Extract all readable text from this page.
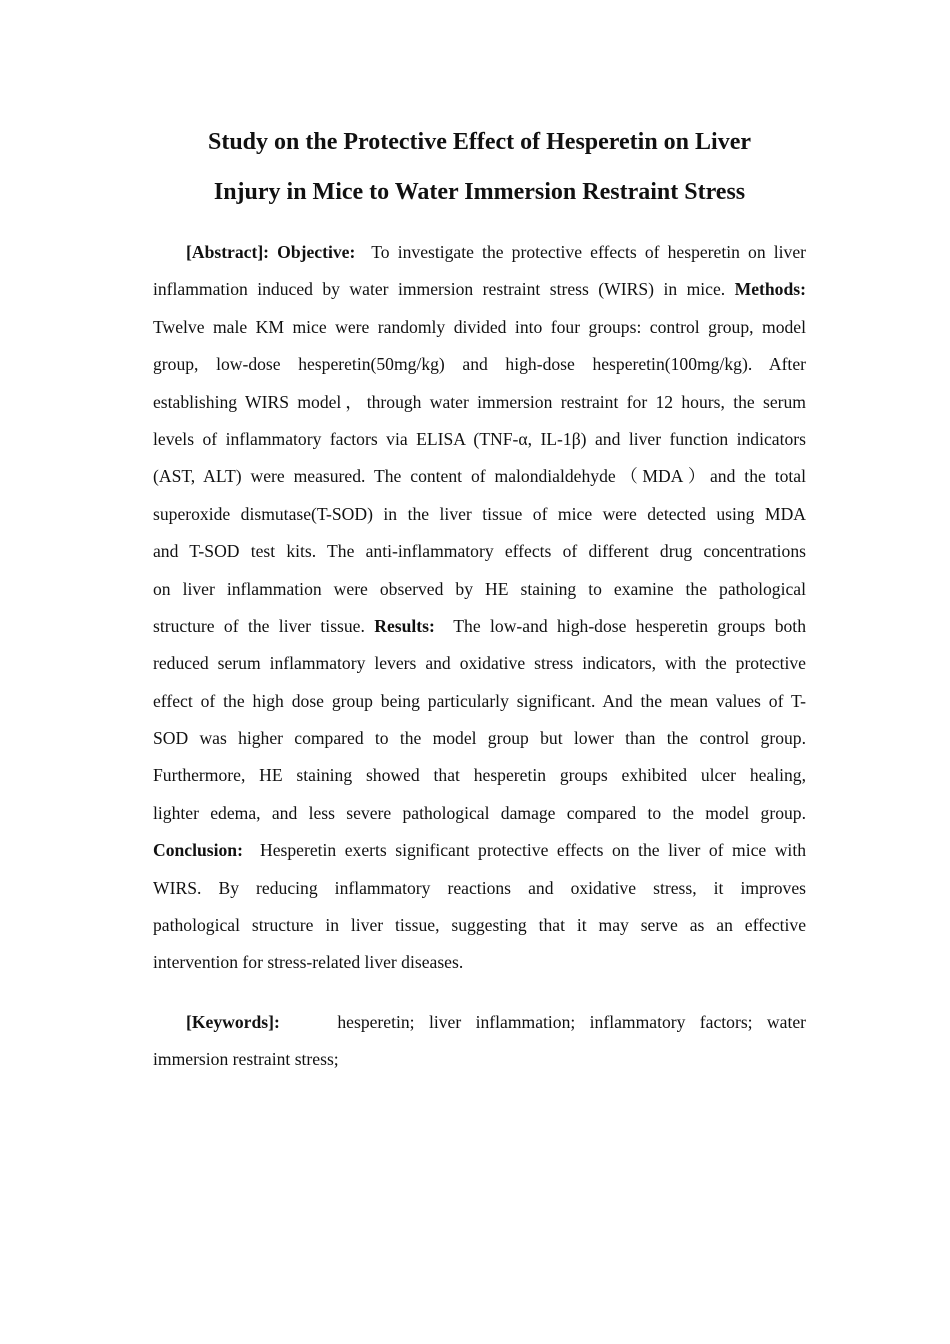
Study on the Protective Effect of Hesperetin on Liver
Injury in Mice to Water Immersion Restraint Stress
[Abstract]: Objective: To investigate the protective effects of hesperetin on liver
inflammation induced by water immersion restraint stress (WIRS) in mice. Methods:
Twelve male KM mice were randomly divided into four groups: control group, model
group, low-dose hesperetin(50mg/kg) and high-dose hesperetin(100mg/kg). After
establishing WIRS model，through water immersion restraint for 12 hours, the serum
levels of inflammatory factors via ELISA (TNF-α, IL-1β) and liver function indicators
(AST, ALT) were measured. The content of malondialdehyde（MDA）and the total
superoxide dismutase(T-SOD) in the liver tissue of mice were detected using MDA
and T-SOD test kits. The anti-inflammatory effects of different drug concentrations
on liver inflammation were observed by HE staining to examine the pathological
structure of the liver tissue. Results: The low-and high-dose hesperetin groups both
reduced serum inflammatory levers and oxidative stress indicators, with the protective
effect of the high dose group being particularly significant. And the mean values of T-
SOD was higher compared to the model group but lower than the control group.
Furthermore, HE staining showed that hesperetin groups exhibited ulcer healing,
lighter edema, and less severe pathological damage compared to the model group.
Conclusion: Hesperetin exerts significant protective effects on the liver of mice with
WIRS. By reducing inflammatory reactions and oxidative stress, it improves
pathological structure in liver tissue, suggesting that it may serve as an effective
intervention for stress-related liver diseases.
[Keywords]:	hesperetin; liver inflammation; inflammatory factors; water
immersion restraint stress;
